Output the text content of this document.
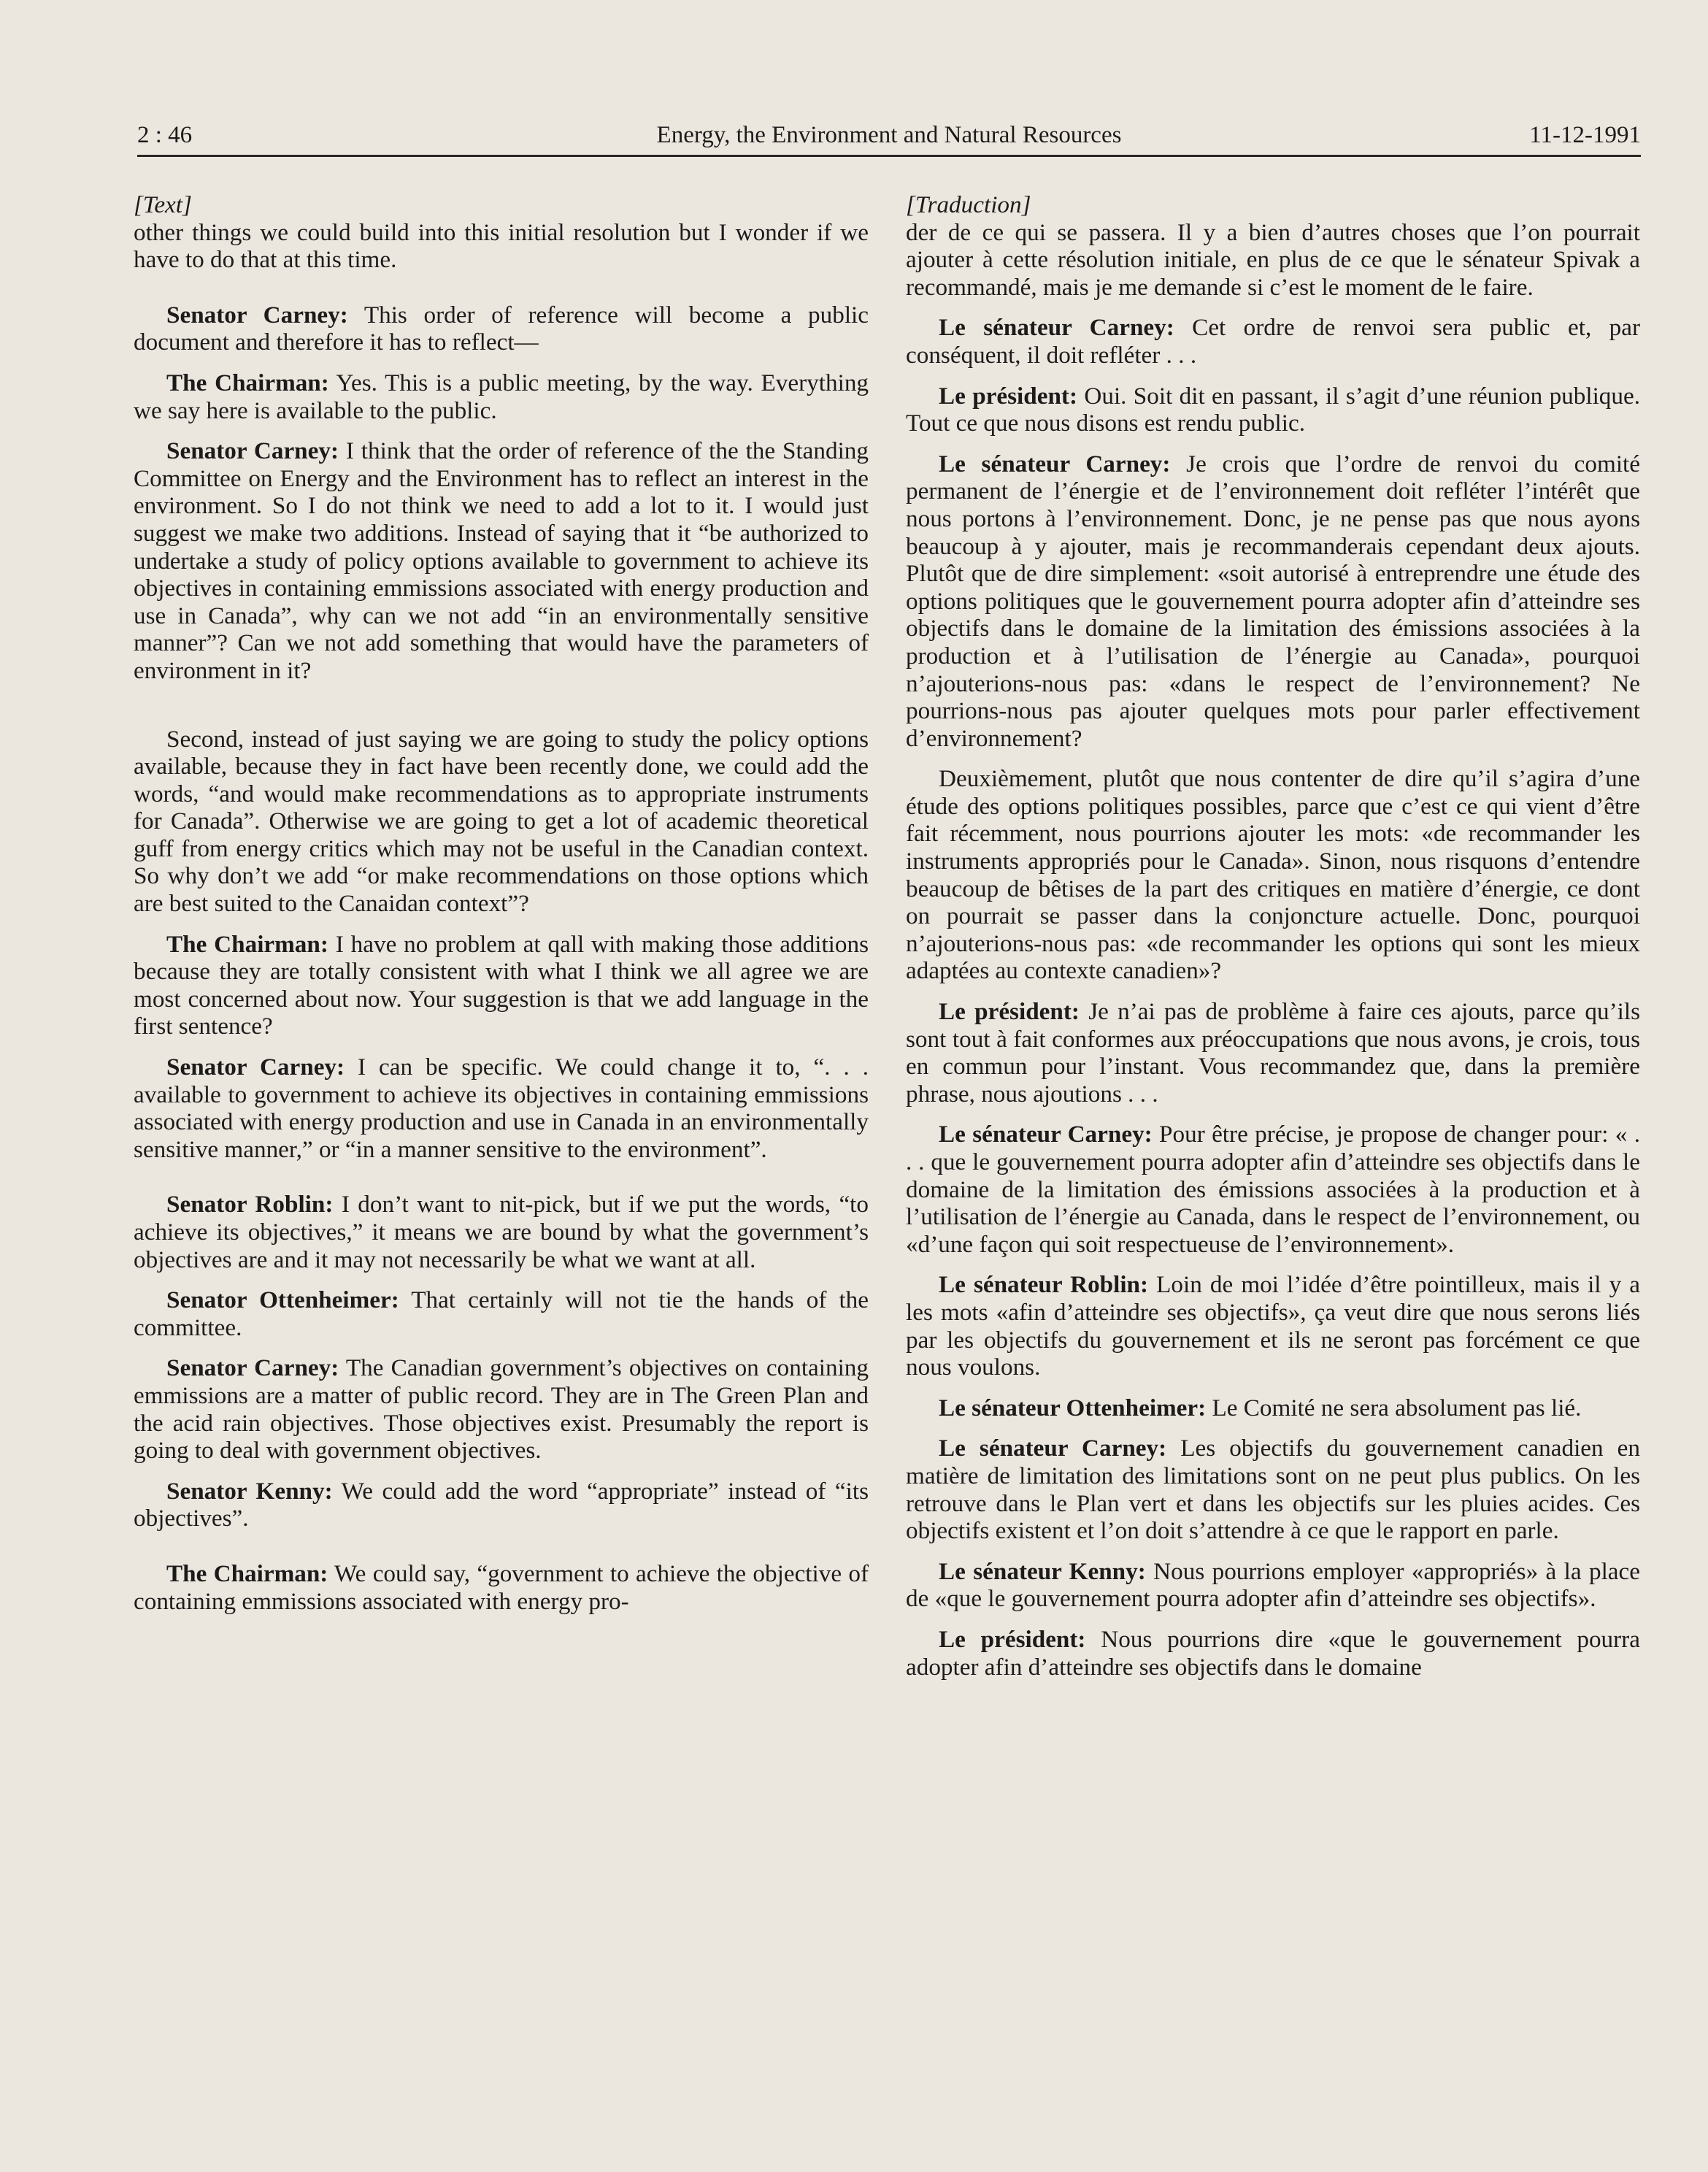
2 : 46	Energy, the Environment and Natural Resources	11-12-1991

[Text]

other things we could build into this initial resolution but I wonder if we have to do that at this time.

Senator Carney: This order of reference will become a public document and therefore it has to reflect—

The Chairman: Yes. This is a public meeting, by the way. Everything we say here is available to the public.

Senator Carney: I think that the order of reference of the the Standing Committee on Energy and the Environment has to reflect an interest in the environment. So I do not think we need to add a lot to it. I would just suggest we make two additions. Instead of saying that it “be authorized to undertake a study of policy options available to government to achieve its objectives in containing emmissions associated with energy production and use in Canada”, why can we not add “in an environmentally sensitive manner”? Can we not add something that would have the parameters of environment in it?

Second, instead of just saying we are going to study the policy options available, because they in fact have been recently done, we could add the words, “and would make recommendations as to appropriate instruments for Canada”. Otherwise we are going to get a lot of academic theoretical guff from energy critics which may not be useful in the Canadian context. So why don’t we add “or make recommendations on those options which are best suited to the Canaidan context”?

The Chairman: I have no problem at qall with making those additions because they are totally consistent with what I think we all agree we are most concerned about now. Your suggestion is that we add language in the first sentence?

Senator Carney: I can be specific. We could change it to, “. . . available to government to achieve its objectives in containing emmissions associated with energy production and use in Canada in an environmentally sensitive manner,” or “in a manner sensitive to the environment”.

Senator Roblin: I don’t want to nit-pick, but if we put the words, “to achieve its objectives,” it means we are bound by what the government’s objectives are and it may not necessarily be what we want at all.

Senator Ottenheimer: That certainly will not tie the hands of the committee.

Senator Carney: The Canadian government’s objectives on containing emmissions are a matter of public record. They are in The Green Plan and the acid rain objectives. Those objectives exist. Presumably the report is going to deal with government objectives.

Senator Kenny: We could add the word “appropriate” instead of “its objectives”.

The Chairman: We could say, “government to achieve the objective of containing emmissions associated with energy pro-

[Traduction]

der de ce qui se passera. Il y a bien d’autres choses que l’on pourrait ajouter à cette résolution initiale, en plus de ce que le sénateur Spivak a recommandé, mais je me demande si c’est le moment de le faire.

Le sénateur Carney: Cet ordre de renvoi sera public et, par conséquent, il doit refléter . . .

Le président: Oui. Soit dit en passant, il s’agit d’une réunion publique. Tout ce que nous disons est rendu public.

Le sénateur Carney: Je crois que l’ordre de renvoi du comité permanent de l’énergie et de l’environnement doit refléter l’intérêt que nous portons à l’environnement. Donc, je ne pense pas que nous ayons beaucoup à y ajouter, mais je recommanderais cependant deux ajouts. Plutôt que de dire simplement: «soit autorisé à entreprendre une étude des options politiques que le gouvernement pourra adopter afin d’atteindre ses objectifs dans le domaine de la limitation des émissions associées à la production et à l’utilisation de l’énergie au Canada», pourquoi n’ajouterions-nous pas: «dans le respect de l’environnement? Ne pourrions-nous pas ajouter quelques mots pour parler effectivement d’environnement?

Deuxièmement, plutôt que nous contenter de dire qu’il s’agira d’une étude des options politiques possibles, parce que c’est ce qui vient d’être fait récemment, nous pourrions ajouter les mots: «de recommander les instruments appropriés pour le Canada». Sinon, nous risquons d’entendre beaucoup de bêtises de la part des critiques en matière d’énergie, ce dont on pourrait se passer dans la conjoncture actuelle. Donc, pourquoi n’ajouterions-nous pas: «de recommander les options qui sont les mieux adaptées au contexte canadien»?

Le président: Je n’ai pas de problème à faire ces ajouts, parce qu’ils sont tout à fait conformes aux préoccupations que nous avons, je crois, tous en commun pour l’instant. Vous recommandez que, dans la première phrase, nous ajoutions . . .

Le sénateur Carney: Pour être précise, je propose de changer pour: « . . . que le gouvernement pourra adopter afin d’atteindre ses objectifs dans le domaine de la limitation des émissions associées à la production et à l’utilisation de l’énergie au Canada, dans le respect de l’environnement, ou «d’une façon qui soit respectueuse de l’environnement».

Le sénateur Roblin: Loin de moi l’idée d’être pointilleux, mais il y a les mots «afin d’atteindre ses objectifs», ça veut dire que nous serons liés par les objectifs du gouvernement et ils ne seront pas forcément ce que nous voulons.

Le sénateur Ottenheimer: Le Comité ne sera absolument pas lié.

Le sénateur Carney: Les objectifs du gouvernement canadien en matière de limitation des limitations sont on ne peut plus publics. On les retrouve dans le Plan vert et dans les objectifs sur les pluies acides. Ces objectifs existent et l’on doit s’attendre à ce que le rapport en parle.

Le sénateur Kenny: Nous pourrions employer «appropriés» à la place de «que le gouvernement pourra adopter afin d’atteindre ses objectifs».

Le président: Nous pourrions dire «que le gouvernement pourra adopter afin d’atteindre ses objectifs dans le domaine
